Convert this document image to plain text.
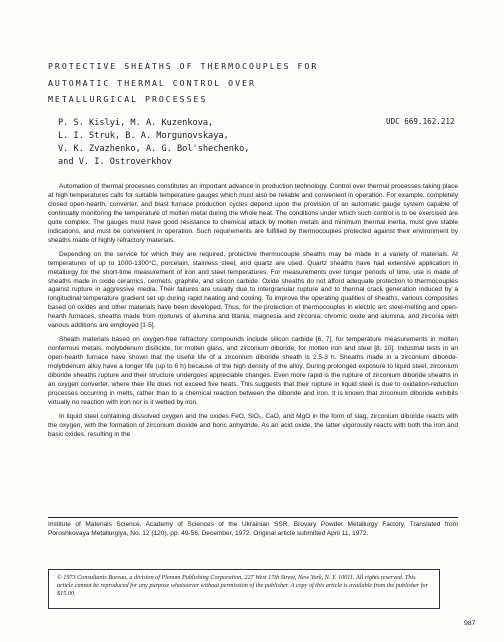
PROTECTIVE SHEATHS OF THERMOCOUPLES FOR
AUTOMATIC THERMAL CONTROL OVER
METALLURGICAL PROCESSES
P. S. Kislyi, M. A. Kuzenkova,
L. I. Struk, B. A. Morgunovskaya,
V. K. Zvazhenko, A. G. Bol'shechenko,
and V. I. Ostroverkhov
UDC 669.162.212

Automation of thermal processes constitutes an important advance in production technology. Control over thermal processes taking place at high temperatures calls for suitable temperature gauges which must also be reliable and convenient in operation. For example, completely closed open-hearth, converter, and blast furnace production cycles depend upon the provision of an automatic gauge system capable of continually monitoring the temperature of molten metal during the whole heat. The conditions under which such control is to be exercised are quite complex. The gauges must have good resistance to chemical attack by molten metals and minimum thermal inertia, must give stable indications, and must be convenient in operation. Such requirements are fulfilled by thermocouples protected against their environment by sheaths made of highly refractory materials.

Depending on the service for which they are required, protective thermocouple sheaths may be made in a variety of materials. At temperatures of up to 1000-1300°C, porcelain, stainless steel, and quartz are used. Quartz sheaths have had extensive application in metallurgy for the short-time measurement of iron and steel temperatures. For measurements over longer periods of time, use is made of sheaths made in oxide ceramics, cermets, graphite, and silicon carbide. Oxide sheaths do not afford adequate protection to thermocouples against rupture in aggressive media. Their failures are usually due to intergranular rupture and to thermal crack generation induced by a longitudinal temperature gradient set up during rapid heating and cooling. To improve the operating qualities of sheaths, various composites based on oxides and other materials have been developed. Thus, for the protection of thermocouples in electric arc steel-melting and open-hearth furnaces, sheaths made from mixtures of alumina and titania, magnesia and zirconia, chromic oxide and alumina, and zirconia with various additions are employed [1-5].

Sheath materials based on oxygen-free refractory compounds include silicon carbide [6, 7], for temperature measurements in molten nonferrous metals, molybdenum disilicide, for molten glass, and zirconium diboride, for molten iron and steel [8, 10]. Industrial tests in an open-hearth furnace have shown that the useful life of a zirconium diboride sheath is 2.5-3 h. Sheaths made in a zirconium diboride-molybdenum alloy have a longer life (up to 6 h) because of the high density of the alloy. During prolonged exposure to liquid steel, zirconium diboride sheaths rupture and their structure undergoes appreciable changes. Even more rapid is the rupture of zirconium diboride sheaths in an oxygen converter, where their life does not exceed five heats. This suggests that their rupture in liquid steel is due to oxidation-reduction processes occurring in melts, rather than to a chemical reaction between the diboride and iron. It is known that zirconium diboride exhibits virtually no reaction with iron nor is it wetted by iron.

In liquid steel containing dissolved oxygen and the oxides FeO, SiO₂, CaO, and MgO in the form of slag, zirconium diboride reacts with the oxygen, with the formation of zirconium dioxide and boric anhydride. As an acid oxide, the latter vigorously reacts with both the iron and basic oxides, resulting in the

Institute of Materials Science, Academy of Sciences of the Ukrainian SSR. Brovary Powder Metallurgy Factory. Translated from Poroshkovaya Metallurgiya, No. 12 (120), pp. 49-56, December, 1972. Original article submitted April 11, 1972.
© 1973 Consultants Bureau, a division of Plenum Publishing Corporation, 227 West 17th Street, New York, N. Y. 10011. All rights reserved. This article cannot be reproduced for any purpose whatsoever without permission of the publisher. A copy of this article is available from the publisher for $15.00.
987
